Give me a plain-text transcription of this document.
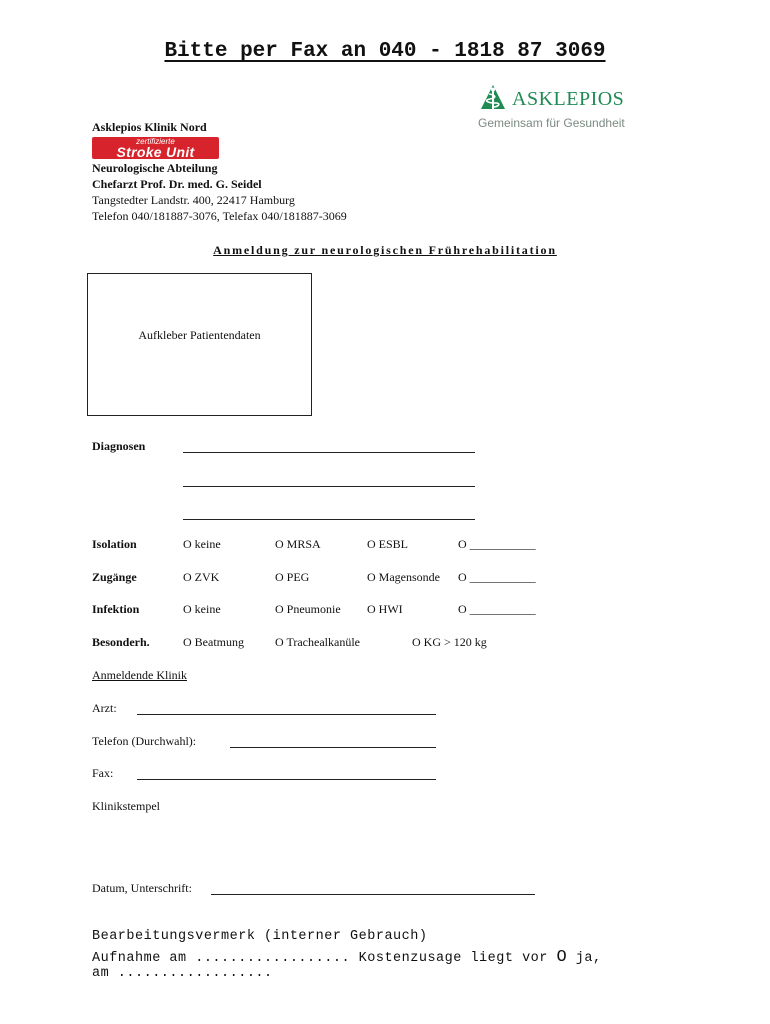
Bitte per Fax an 040 - 1818 87 3069
ASKLEPIOS
Gemeinsam für Gesundheit
Asklepios Klinik Nord
zertifizierte
Stroke Unit
Neurologische Abteilung
Chefarzt Prof. Dr. med. G. Seidel
Tangstedter Landstr. 400, 22417 Hamburg
Telefon 040/181887-3076, Telefax 040/181887-3069
Anmeldung zur neurologischen Frührehabilitation
Aufkleber Patientendaten
Diagnosen
Isolation	O keine	O MRSA	O ESBL	O ___________
Zugänge	O ZVK	O PEG	O Magensonde O ___________
Infektion	O keine	O Pneumonie O HWI	O ___________
Besonderh.	O Beatmung	O Trachealkanüle	O KG > 120 kg
Anmeldende Klinik
Arzt:
Telefon (Durchwahl):
Fax:
Klinikstempel
Datum, Unterschrift:
Bearbeitungsvermerk (interner Gebrauch)
Aufnahme am .................. Kostenzusage liegt vor O ja,
am ..................
